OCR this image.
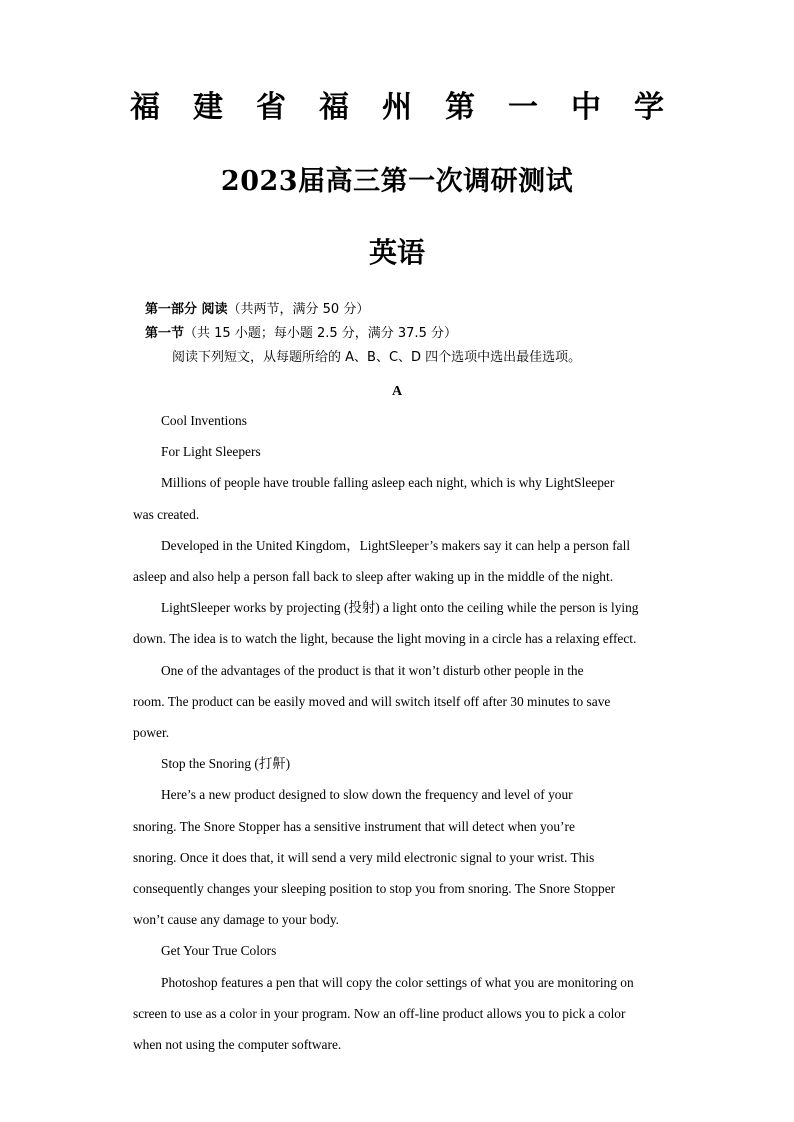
福 建 省 福 州 第 一 中 学
2023届高三第一次调研测试
英语
第一部分 阅读（共两节，满分 50 分）
第一节（共 15 小题；每小题 2.5 分，满分 37.5 分）
阅读下列短文，从每题所给的 A、B、C、D 四个选项中选出最佳选项。
A

Cool Inventions

For Light Sleepers

Millions of people have trouble falling asleep each night, which is why LightSleeper
was created.

Developed in the United Kingdom，LightSleeper’s makers say it can help a person fall
asleep and also help a person fall back to sleep after waking up in the middle of the night.

LightSleeper works by projecting (投射) a light onto the ceiling while the person is lying
down. The idea is to watch the light, because the light moving in a circle has a relaxing effect.

One of the advantages of the product is that it won’t disturb other people in the
room. The product can be easily moved and will switch itself off after 30 minutes to save
power.

Stop the Snoring (打鼾)

Here’s a new product designed to slow down the frequency and level of your
snoring. The Snore Stopper has a sensitive instrument that will detect when you’re
snoring. Once it does that, it will send a very mild electronic signal to your wrist. This
consequently changes your sleeping position to stop you from snoring. The Snore Stopper
won’t cause any damage to your body.

Get Your True Colors

Photoshop features a pen that will copy the color settings of what you are monitoring on
screen to use as a color in your program. Now an off-line product allows you to pick a color
when not using the computer software.
